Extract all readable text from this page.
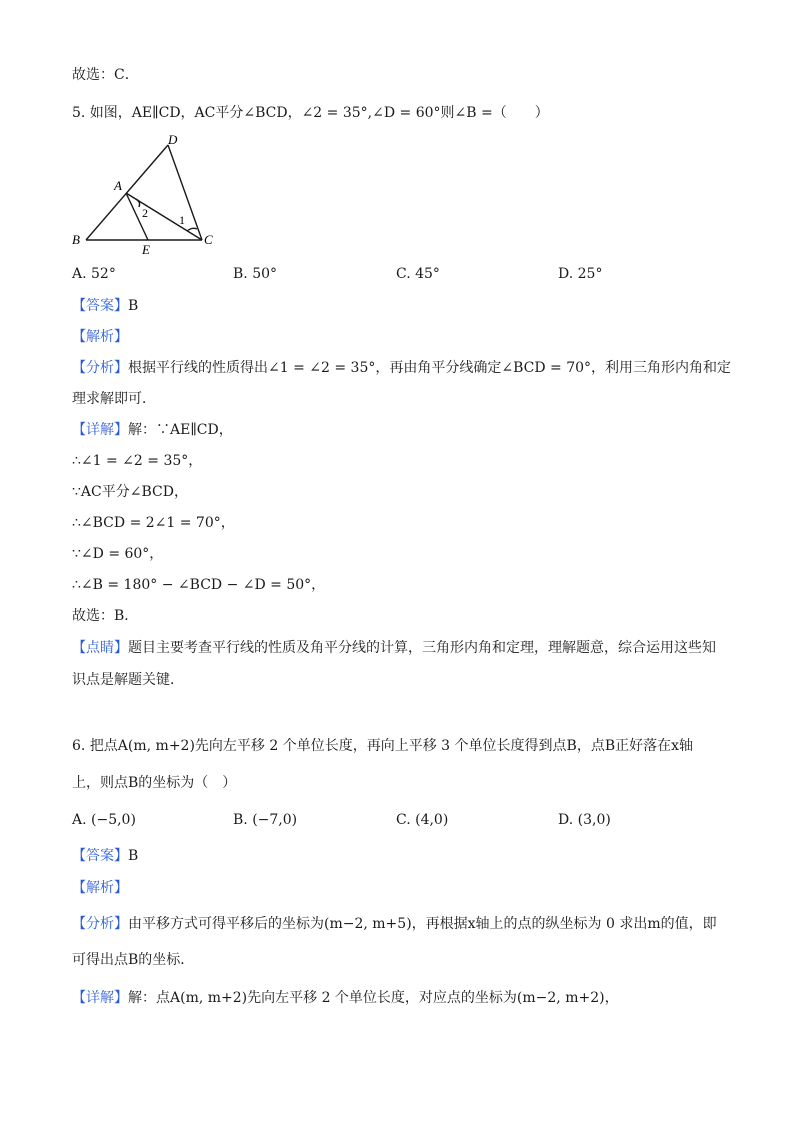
故选：C．
5. 如图，AE∥CD，AC平分∠BCD，∠2 = 35°,∠D = 60°则∠B =（　　）
D
A
B
E
C
1
2
A. 52°	B. 50°	C. 45°	D. 25°
【答案】B
【解析】
【分析】根据平行线的性质得出∠1 = ∠2 = 35°，再由角平分线确定∠BCD = 70°，利用三角形内角和定
理求解即可．
【详解】解：∵AE∥CD，
∴∠1 = ∠2 = 35°，
∵AC平分∠BCD，
∴∠BCD = 2∠1 = 70°，
∵∠D = 60°，
∴∠B = 180° − ∠BCD − ∠D = 50°，
故选：B．
【点睛】题目主要考查平行线的性质及角平分线的计算，三角形内角和定理，理解题意，综合运用这些知
识点是解题关键．
6. 把点A(m, m+2)先向左平移 2 个单位长度，再向上平移 3 个单位长度得到点B，点B正好落在x轴
上，则点B的坐标为（　）
A. (−5,0)	B. (−7,0)	C. (4,0)	D. (3,0)
【答案】B
【解析】
【分析】由平移方式可得平移后的坐标为(m−2, m+5)，再根据x轴上的点的纵坐标为 0 求出m的值，即
可得出点B的坐标．
【详解】解：点A(m, m+2)先向左平移 2 个单位长度，对应点的坐标为(m−2, m+2)，
